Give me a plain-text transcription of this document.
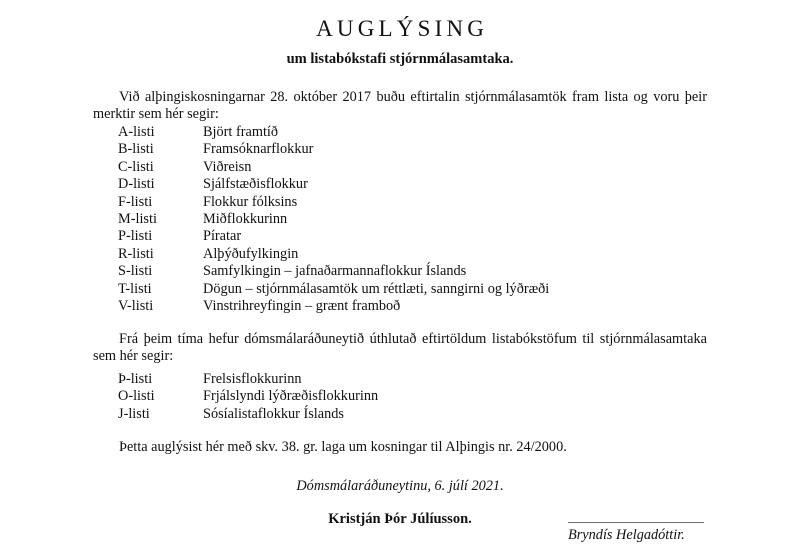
AUGLÝSING
um listabókstafi stjórnmálasamtaka.
Við alþingiskosningarnar 28. október 2017 buðu eftirtalin stjórnmálasamtök fram lista og voru þeir merktir sem hér segir:
A-listi	Björt framtíð
B-listi	Framsóknarflokkur
C-listi	Viðreisn
D-listi	Sjálfstæðisflokkur
F-listi	Flokkur fólksins
M-listi	Miðflokkurinn
P-listi	Píratar
R-listi	Alþýðufylkingin
S-listi	Samfylkingin – jafnaðarmannaflokkur Íslands
T-listi	Dögun – stjórnmálasamtök um réttlæti, sanngirni og lýðræði
V-listi	Vinstrihreyfingin – grænt framboð
Frá þeim tíma hefur dómsmálaráðuneytið úthlutað eftirtöldum listabókstöfum til stjórnmálasamtaka sem hér segir:
Þ-listi	Frelsisflokkurinn
O-listi	Frjálslyndi lýðræðisflokkurinn
J-listi	Sósíalistaflokkur Íslands
Þetta auglýsist hér með skv. 38. gr. laga um kosningar til Alþingis nr. 24/2000.
Dómsmálaráðuneytinu, 6. júlí 2021.
Kristján Þór Júlíusson.
Bryndís Helgadóttir.
